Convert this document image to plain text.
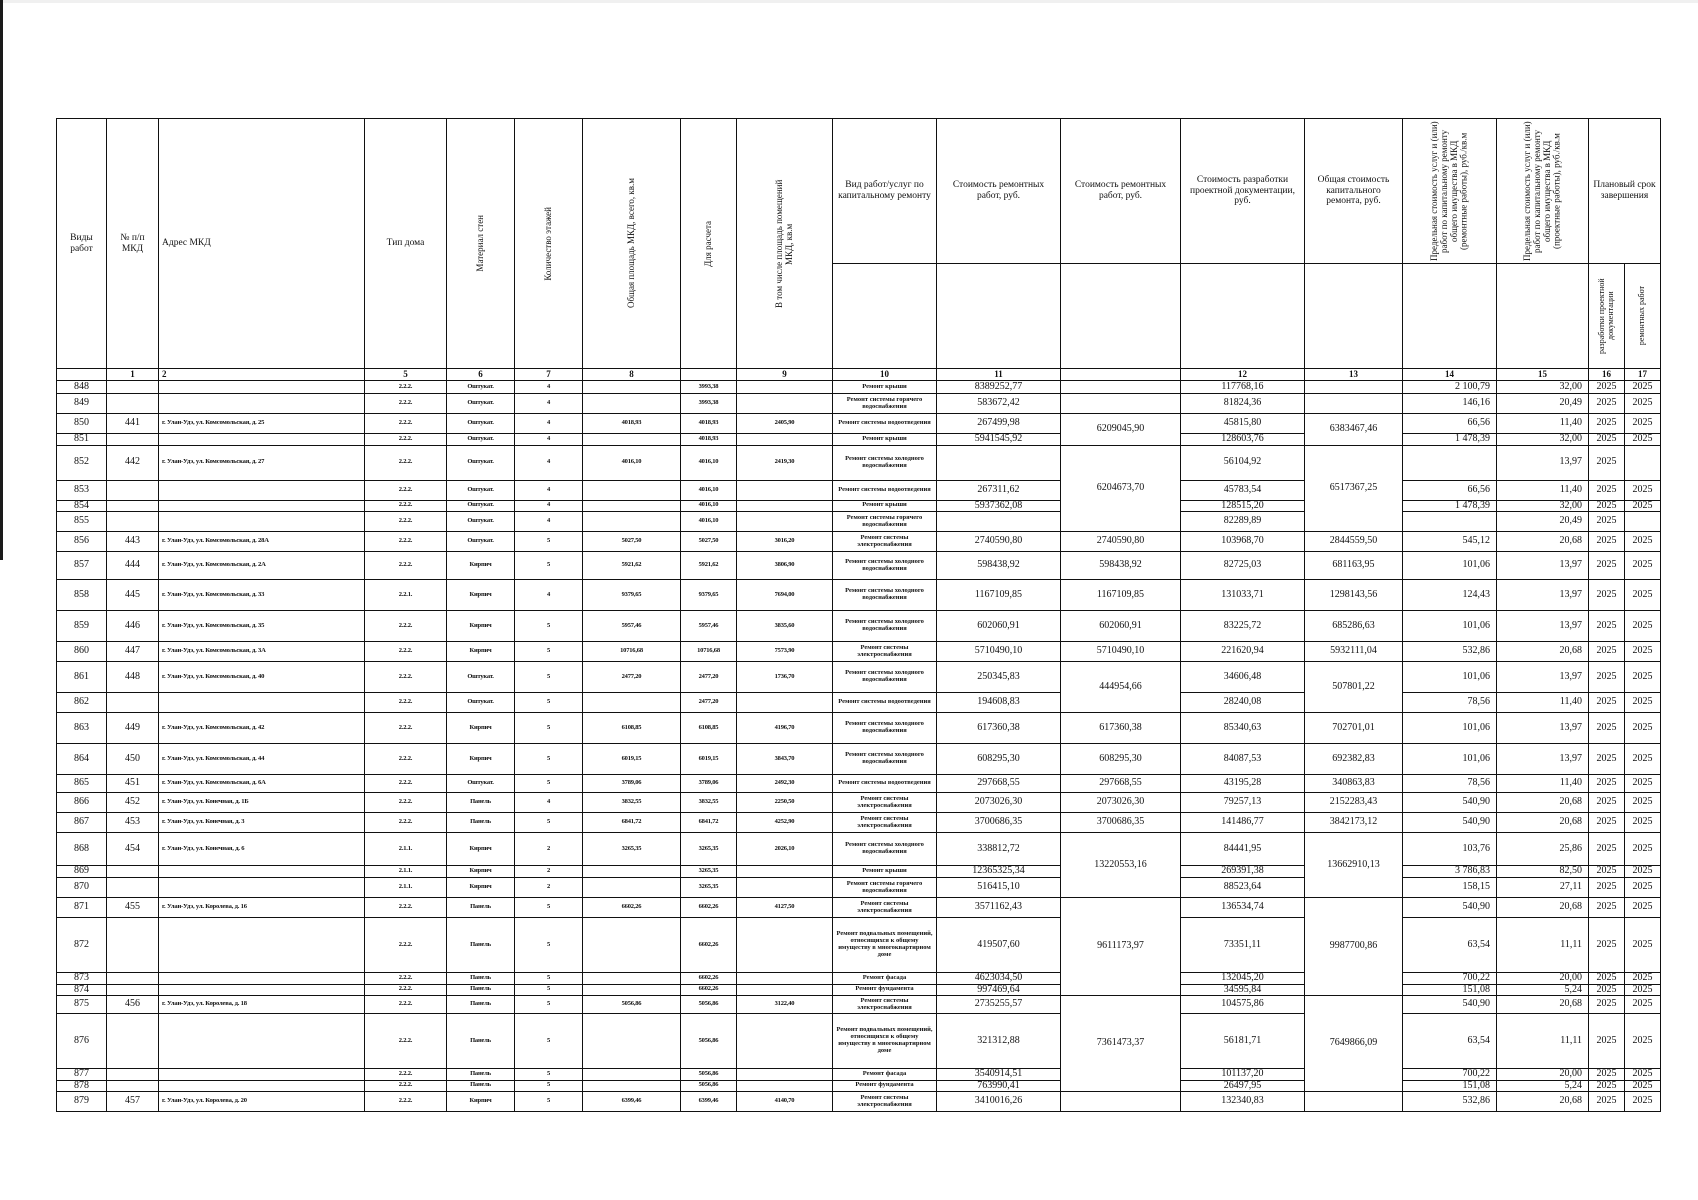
Виды работ	№ п/п МКД	Адрес МКД	Тип дома	Материал стен	Количество этажей	Общая площадь МКД, всего, кв.м	Для расчета	В том числе площадь помещений МКД, кв.м	Вид работ/услуг по капитальному ремонту	Стоимость ремонтных работ, руб.	Стоимость ремонтных работ, руб.	Стоимость разработки проектной документации, руб.	Общая стоимость капитального ремонта, руб.	Предельная стоимость услуг и (или) работ по капитальному ремонту общего имущества в МКД (ремонтные работы), руб./кв.м	Предельная стоимость услуг и (или) работ по капитальному ремонту общего имущества в МКД (проектные работы), руб./кв.м	Плановый срок завершения	

																разработки проектной документации	ремонтных работ

	1	2	5	6	7	8		9	10	11		12	13	14	15	16	17
848			2.2.2.	Оштукат.	4		3993,38		Ремонт крыши	8389252,77		117768,16		2 100,79	32,00	2025	2025
849			2.2.2.	Оштукат.	4		3993,38		Ремонт системы горячего водоснабжения	583672,42		81824,36		146,16	20,49	2025	2025
850	441	г. Улан-Удэ, ул. Комсомольская, д. 25	2.2.2.	Оштукат.	4	4018,93	4018,93	2405,90	Ремонт системы водоотведения	267499,98	6209045,90	45815,80	6383467,46	66,56	11,40	2025	2025
851			2.2.2.	Оштукат.	4		4018,93		Ремонт крыши	5941545,92		128603,76		1 478,39	32,00	2025	2025
852	442	г. Улан-Удэ, ул. Комсомольская, д. 27	2.2.2.	Оштукат.	4	4016,10	4016,10	2419,30	Ремонт системы холодного водоснабжения		6204673,70	56104,92	6517367,25		13,97	2025	
853			2.2.2.	Оштукат.	4		4016,10		Ремонт системы водоотведения	267311,62		45783,54		66,56	11,40	2025	2025
854			2.2.2.	Оштукат.	4		4016,10		Ремонт крыши	5937362,08		128515,20		1 478,39	32,00	2025	2025
855			2.2.2.	Оштукат.	4		4016,10		Ремонт системы горячего водоснабжения			82289,89			20,49	2025	
856	443	г. Улан-Удэ, ул. Комсомольская, д. 28А	2.2.2.	Оштукат.	5	5027,50	5027,50	3016,20	Ремонт системы электроснабжения	2740590,80	2740590,80	103968,70	2844559,50	545,12	20,68	2025	2025
857	444	г. Улан-Удэ, ул. Комсомольская, д. 2А	2.2.2.	Кирпич	5	5921,62	5921,62	3806,90	Ремонт системы холодного водоснабжения	598438,92	598438,92	82725,03	681163,95	101,06	13,97	2025	2025
858	445	г. Улан-Удэ, ул. Комсомольская, д. 33	2.2.1.	Кирпич	4	9379,65	9379,65	7694,00	Ремонт системы холодного водоснабжения	1167109,85	1167109,85	131033,71	1298143,56	124,43	13,97	2025	2025
859	446	г. Улан-Удэ, ул. Комсомольская, д. 35	2.2.2.	Кирпич	5	5957,46	5957,46	3835,60	Ремонт системы холодного водоснабжения	602060,91	602060,91	83225,72	685286,63	101,06	13,97	2025	2025
860	447	г. Улан-Удэ, ул. Комсомольская, д. 3А	2.2.2.	Кирпич	5	10716,68	10716,68	7573,90	Ремонт системы электроснабжения	5710490,10	5710490,10	221620,94	5932111,04	532,86	20,68	2025	2025
861	448	г. Улан-Удэ, ул. Комсомольская, д. 40	2.2.2.	Оштукат.	5	2477,20	2477,20	1736,70	Ремонт системы холодного водоснабжения	250345,83	444954,66	34606,48	507801,22	101,06	13,97	2025	2025
862			2.2.2.	Оштукат.	5		2477,20		Ремонт системы водоотведения	194608,83		28240,08		78,56	11,40	2025	2025
863	449	г. Улан-Удэ, ул. Комсомольская, д. 42	2.2.2.	Кирпич	5	6108,85	6108,85	4196,70	Ремонт системы холодного водоснабжения	617360,38	617360,38	85340,63	702701,01	101,06	13,97	2025	2025
864	450	г. Улан-Удэ, ул. Комсомольская, д. 44	2.2.2.	Кирпич	5	6019,15	6019,15	3843,70	Ремонт системы холодного водоснабжения	608295,30	608295,30	84087,53	692382,83	101,06	13,97	2025	2025
865	451	г. Улан-Удэ, ул. Комсомольская, д. 6А	2.2.2.	Оштукат.	5	3789,06	3789,06	2492,30	Ремонт системы водоотведения	297668,55	297668,55	43195,28	340863,83	78,56	11,40	2025	2025
866	452	г. Улан-Удэ, ул. Конечная, д. 1Б	2.2.2.	Панель	4	3832,55	3832,55	2250,50	Ремонт системы электроснабжения	2073026,30	2073026,30	79257,13	2152283,43	540,90	20,68	2025	2025
867	453	г. Улан-Удэ, ул. Конечная, д. 3	2.2.2.	Панель	5	6841,72	6841,72	4252,90	Ремонт системы электроснабжения	3700686,35	3700686,35	141486,77	3842173,12	540,90	20,68	2025	2025
868	454	г. Улан-Удэ, ул. Конечная, д. 6	2.1.1.	Кирпич	2	3265,35	3265,35	2026,10	Ремонт системы холодного водоснабжения	338812,72	13220553,16	84441,95	13662910,13	103,76	25,86	2025	2025
869			2.1.1.	Кирпич	2		3265,35		Ремонт крыши	12365325,34		269391,38		3 786,83	82,50	2025	2025
870			2.1.1.	Кирпич	2		3265,35		Ремонт системы горячего водоснабжения	516415,10		88523,64		158,15	27,11	2025	2025
871	455	г. Улан-Удэ, ул. Королева, д. 16	2.2.2.	Панель	5	6602,26	6602,26	4127,50	Ремонт системы электроснабжения	3571162,43	9611173,97	136534,74	9987700,86	540,90	20,68	2025	2025
872			2.2.2.	Панель	5		6602,26		Ремонт подвальных помещений, относящихся к общему имуществу в многоквартирном доме	419507,60		73351,11		63,54	11,11	2025	2025
873			2.2.2.	Панель	5		6602,26		Ремонт фасада	4623034,50		132045,20		700,22	20,00	2025	2025
874			2.2.2.	Панель	5		6602,26		Ремонт фундамента	997469,64		34595,84		151,08	5,24	2025	2025
875	456	г. Улан-Удэ, ул. Королева, д. 18	2.2.2.	Панель	5	5056,86	5056,86	3122,40	Ремонт системы электроснабжения	2735255,57	7361473,37	104575,86	7649866,09	540,90	20,68	2025	2025
876			2.2.2.	Панель	5		5056,86		Ремонт подвальных помещений, относящихся к общему имуществу в многоквартирном доме	321312,88		56181,71		63,54	11,11	2025	2025
877			2.2.2.	Панель	5		5056,86		Ремонт фасада	3540914,51		101137,20		700,22	20,00	2025	2025
878			2.2.2.	Панель	5		5056,86		Ремонт фундамента	763990,41		26497,95		151,08	5,24	2025	2025
879	457	г. Улан-Удэ, ул. Королева, д. 20	2.2.2.	Кирпич	5	6399,46	6399,46	4140,70	Ремонт системы электроснабжения	3410016,26		132340,83		532,86	20,68	2025	2025
